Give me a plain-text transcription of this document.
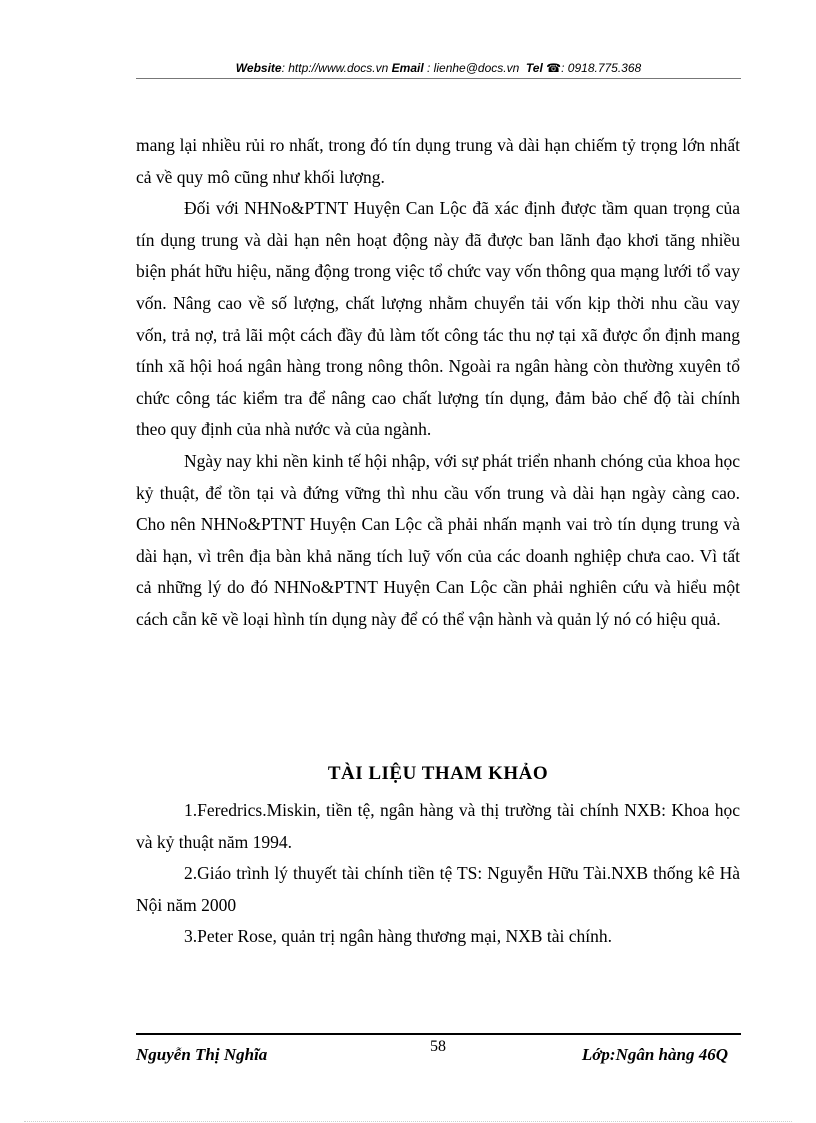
Website: http://www.docs.vn Email : lienhe@docs.vn Tel ☎: 0918.775.368

mang lại nhiều rủi ro nhất, trong đó tín dụng trung và dài hạn chiếm tỷ trọng lớn nhất cả về quy mô cũng như khối lượng.

Đối với NHNo&PTNT Huyện Can Lộc đã xác định được tầm quan trọng của tín dụng trung và dài hạn nên hoạt động này đã được ban lãnh đạo khơi tăng nhiều biện phát hữu hiệu, năng động trong việc tổ chức vay vốn thông qua mạng lưới tổ vay vốn. Nâng cao về số lượng, chất lượng nhằm chuyển tải vốn kịp thời nhu cầu vay vốn, trả nợ, trả lãi một cách đầy đủ làm tốt công tác thu nợ tại xã được ổn định mang tính xã hội hoá ngân hàng trong nông thôn. Ngoài ra ngân hàng còn thường xuyên tổ chức công tác kiểm tra để nâng cao chất lượng tín dụng, đảm bảo chế độ tài chính theo quy định của nhà nước và của ngành.

Ngày nay khi nền kinh tế hội nhập, với sự phát triển nhanh chóng của khoa học kỷ thuật, để tồn tại và đứng vững thì nhu cầu vốn trung và dài hạn ngày càng cao. Cho nên NHNo&PTNT Huyện Can Lộc cầ phải nhấn mạnh vai trò tín dụng trung và dài hạn, vì trên địa bàn khả năng tích luỹ vốn của các doanh nghiệp chưa cao. Vì tất cả những lý do đó NHNo&PTNT Huyện Can Lộc cần phải nghiên cứu và hiểu một cách cẵn kẽ về loại hình tín dụng này để có thể vận hành và quản lý nó có hiệu quả.

TÀI LIỆU THAM KHẢO

1.Feredrics.Miskin, tiền tệ, ngân hàng và thị trường tài chính NXB: Khoa học và kỷ thuật năm 1994.

2.Giáo trình lý thuyết tài chính tiền tệ TS: Nguyễn Hữu Tài.NXB thống kê Hà Nội năm 2000

3.Peter Rose, quản trị ngân hàng thương mại, NXB tài chính.

Nguyễn Thị Nghĩa	58	Lớp:Ngân hàng 46Q
